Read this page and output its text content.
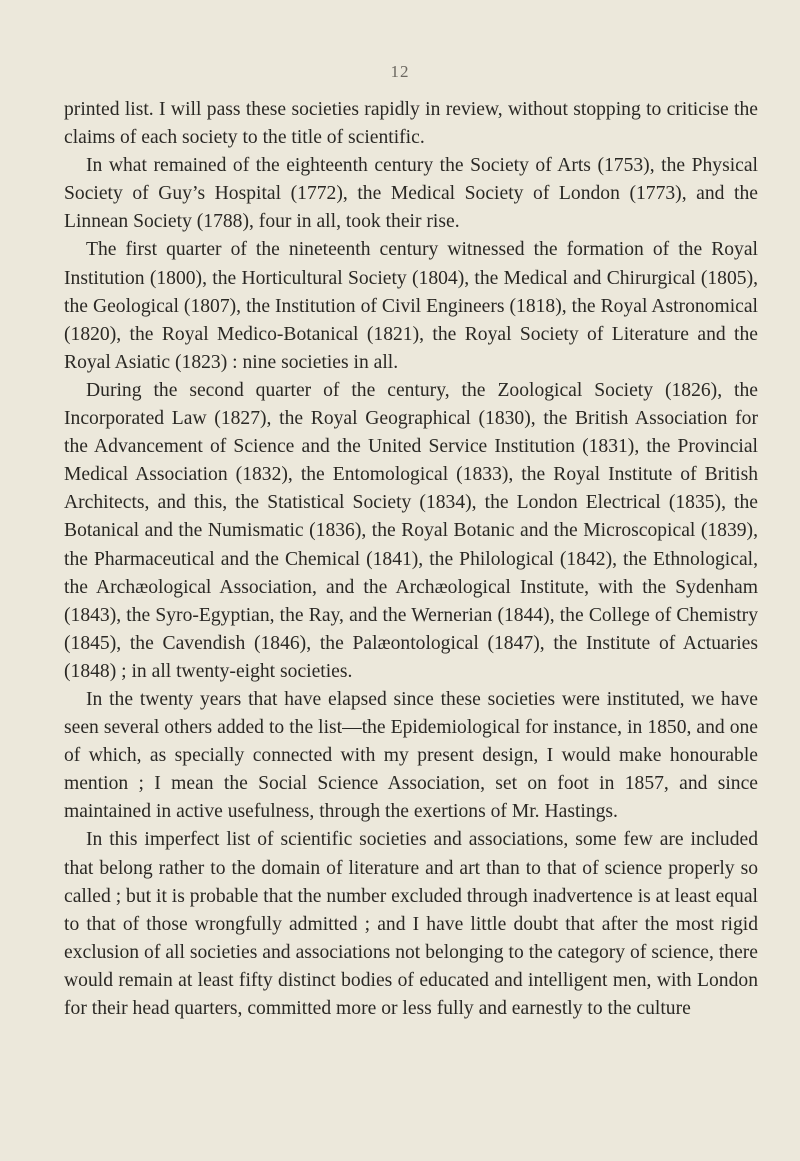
12

printed list. I will pass these societies rapidly in review, without stopping to criticise the claims of each society to the title of scientific.

In what remained of the eighteenth century the Society of Arts (1753), the Physical Society of Guy’s Hospital (1772), the Medical Society of London (1773), and the Linnean Society (1788), four in all, took their rise.

The first quarter of the nineteenth century witnessed the formation of the Royal Institution (1800), the Horticultural Society (1804), the Medical and Chirurgical (1805), the Geological (1807), the Institution of Civil Engineers (1818), the Royal Astronomical (1820), the Royal Medico-Botanical (1821), the Royal Society of Literature and the Royal Asiatic (1823) : nine societies in all.

During the second quarter of the century, the Zoological Society (1826), the Incorporated Law (1827), the Royal Geographical (1830), the British Association for the Advancement of Science and the United Service Institution (1831), the Provincial Medical Association (1832), the Entomological (1833), the Royal Institute of British Architects, and this, the Statistical Society (1834), the London Electrical (1835), the Botanical and the Numismatic (1836), the Royal Botanic and the Microscopical (1839), the Pharmaceutical and the Chemical (1841), the Philological (1842), the Ethnological, the Archæological Association, and the Archæological Institute, with the Sydenham (1843), the Syro-Egyptian, the Ray, and the Wernerian (1844), the College of Chemistry (1845), the Cavendish (1846), the Palæontological (1847), the Institute of Actuaries (1848) ; in all twenty-eight societies.

In the twenty years that have elapsed since these societies were instituted, we have seen several others added to the list—the Epidemiological for instance, in 1850, and one of which, as specially connected with my present design, I would make honourable mention ; I mean the Social Science Association, set on foot in 1857, and since maintained in active usefulness, through the exertions of Mr. Hastings.

In this imperfect list of scientific societies and associations, some few are included that belong rather to the domain of literature and art than to that of science properly so called ; but it is probable that the number excluded through inadvertence is at least equal to that of those wrongfully admitted ; and I have little doubt that after the most rigid exclusion of all societies and associations not belonging to the category of science, there would remain at least fifty distinct bodies of educated and intelligent men, with London for their head quarters, committed more or less fully and earnestly to the culture
